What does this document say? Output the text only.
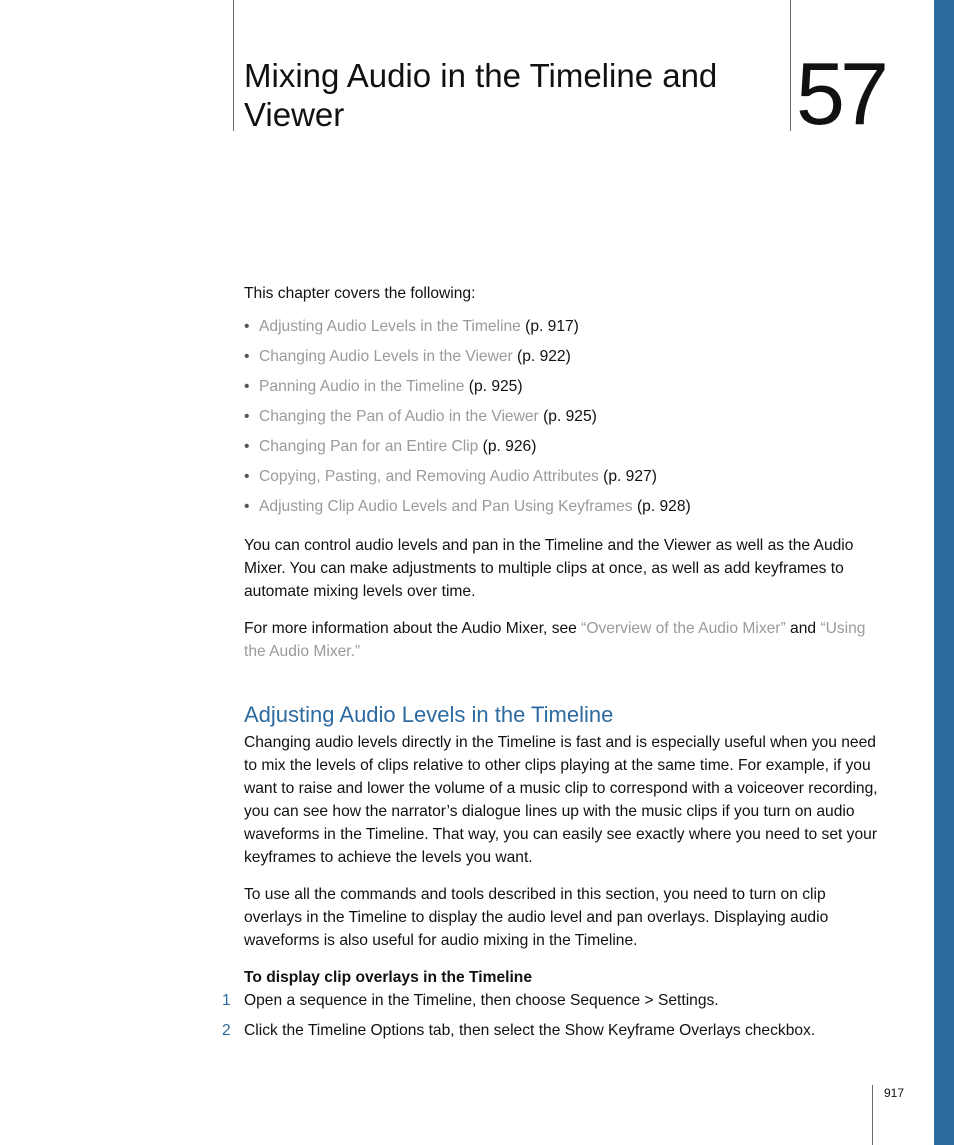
Mixing Audio in the Timeline and Viewer	57

This chapter covers the following:

• Adjusting Audio Levels in the Timeline (p. 917)
• Changing Audio Levels in the Viewer (p. 922)
• Panning Audio in the Timeline (p. 925)
• Changing the Pan of Audio in the Viewer (p. 925)
• Changing Pan for an Entire Clip (p. 926)
• Copying, Pasting, and Removing Audio Attributes (p. 927)
• Adjusting Clip Audio Levels and Pan Using Keyframes (p. 928)

You can control audio levels and pan in the Timeline and the Viewer as well as the Audio Mixer. You can make adjustments to multiple clips at once, as well as add keyframes to automate mixing levels over time.

For more information about the Audio Mixer, see “Overview of the Audio Mixer” and “Using the Audio Mixer.”

Adjusting Audio Levels in the Timeline

Changing audio levels directly in the Timeline is fast and is especially useful when you need to mix the levels of clips relative to other clips playing at the same time. For example, if you want to raise and lower the volume of a music clip to correspond with a voiceover recording, you can see how the narrator’s dialogue lines up with the music clips if you turn on audio waveforms in the Timeline. That way, you can easily see exactly where you need to set your keyframes to achieve the levels you want.

To use all the commands and tools described in this section, you need to turn on clip overlays in the Timeline to display the audio level and pan overlays. Displaying audio waveforms is also useful for audio mixing in the Timeline.

To display clip overlays in the Timeline
1 Open a sequence in the Timeline, then choose Sequence > Settings.
2 Click the Timeline Options tab, then select the Show Keyframe Overlays checkbox.
917
